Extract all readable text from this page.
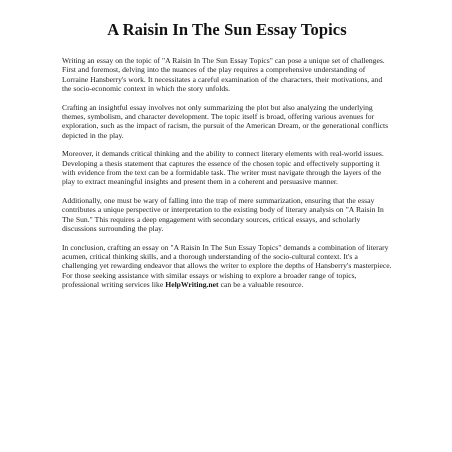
A Raisin In The Sun Essay Topics

Writing an essay on the topic of "A Raisin In The Sun Essay Topics" can pose a unique set of challenges. First and foremost, delving into the nuances of the play requires a comprehensive understanding of Lorraine Hansberry's work. It necessitates a careful examination of the characters, their motivations, and the socio-economic context in which the story unfolds.

Crafting an insightful essay involves not only summarizing the plot but also analyzing the underlying themes, symbolism, and character development. The topic itself is broad, offering various avenues for exploration, such as the impact of racism, the pursuit of the American Dream, or the generational conflicts depicted in the play.

Moreover, it demands critical thinking and the ability to connect literary elements with real-world issues. Developing a thesis statement that captures the essence of the chosen topic and effectively supporting it with evidence from the text can be a formidable task. The writer must navigate through the layers of the play to extract meaningful insights and present them in a coherent and persuasive manner.

Additionally, one must be wary of falling into the trap of mere summarization, ensuring that the essay contributes a unique perspective or interpretation to the existing body of literary analysis on "A Raisin In The Sun." This requires a deep engagement with secondary sources, critical essays, and scholarly discussions surrounding the play.

In conclusion, crafting an essay on "A Raisin In The Sun Essay Topics" demands a combination of literary acumen, critical thinking skills, and a thorough understanding of the socio-cultural context. It's a challenging yet rewarding endeavor that allows the writer to explore the depths of Hansberry's masterpiece. For those seeking assistance with similar essays or wishing to explore a broader range of topics, professional writing services like HelpWriting.net can be a valuable resource.
